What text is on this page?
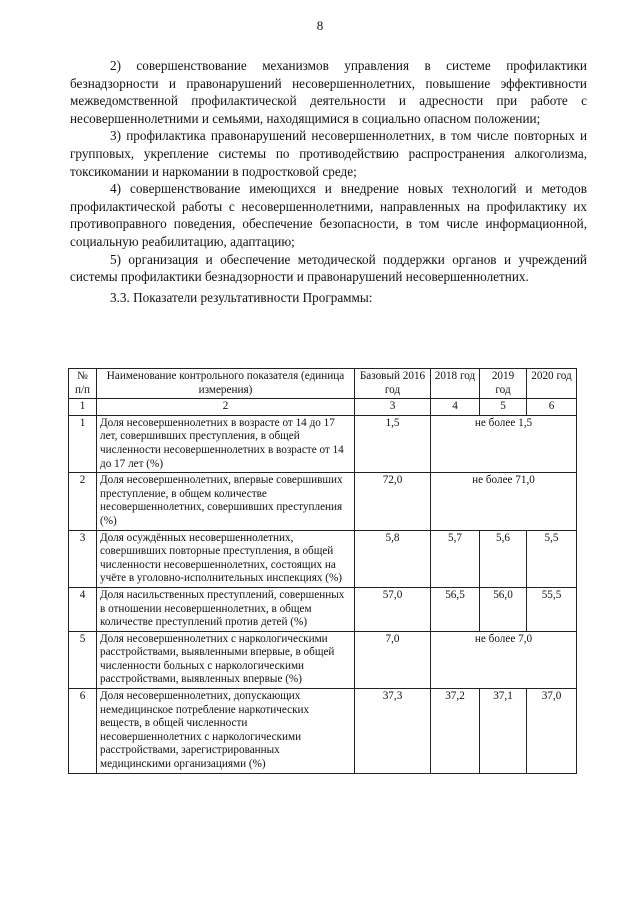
8

2) совершенствование механизмов управления в системе профилактики безнадзорности и правонарушений несовершеннолетних, повышение эффективности межведомственной профилактической деятельности и адресности при работе с несовершеннолетними и семьями, находящимися в социально опасном положении;

3) профилактика правонарушений несовершеннолетних, в том числе повторных и групповых, укрепление системы по противодействию распространения алкоголизма, токсикомании и наркомании в подростковой среде;

4) совершенствование имеющихся и внедрение новых технологий и методов профилактической работы с несовершеннолетними, направленных на профилактику их противоправного поведения, обеспечение безопасности, в том числе информационной, социальную реабилитацию, адаптацию;

5) организация и обеспечение методической поддержки органов и учреждений системы профилактики безнадзорности и правонарушений несовершеннолетних.

3.3. Показатели результативности Программы:

№ п/п	Наименование контрольного показателя (единица измерения)	Базовый 2016 год	2018 год	2019 год	2020 год
1	2	3	4	5	6
1	Доля несовершеннолетних в возрасте от 14 до 17 лет, совершивших преступления, в общей численности несовершеннолетних в возрасте от 14 до 17 лет (%)	1,5	не более 1,5		
2	Доля несовершеннолетних, впервые совершивших преступление, в общем количестве несовершеннолетних, совершивших преступления (%)	72,0	не более 71,0		
3	Доля осуждённых несовершеннолетних, совершивших повторные преступления, в общей численности несовершеннолетних, состоящих на учёте в уголовно-исполнительных инспекциях (%)	5,8	5,7	5,6	5,5
4	Доля насильственных преступлений, совершенных в отношении несовершеннолетних, в общем количестве преступлений против детей (%)	57,0	56,5	56,0	55,5
5	Доля несовершеннолетних с наркологическими расстройствами, выявленными впервые, в общей численности больных с наркологическими расстройствами, выявленных впервые (%)	7,0	не более 7,0		
6	Доля несовершеннолетних, допускающих немедицинское потребление наркотических веществ, в общей численности несовершеннолетних с наркологическими расстройствами, зарегистрированных медицинскими организациями (%)	37,3	37,2	37,1	37,0
